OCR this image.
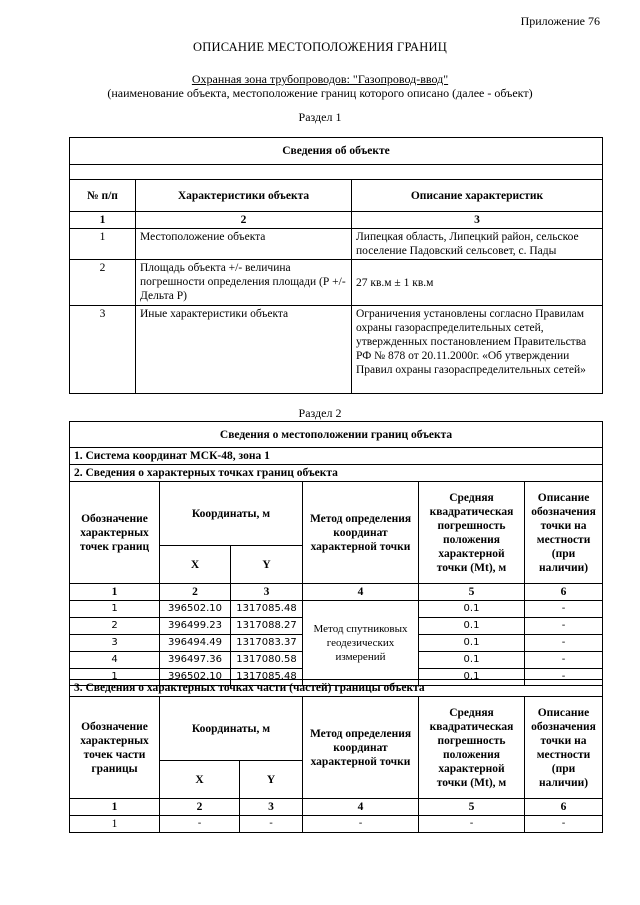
Приложение 76
ОПИСАНИЕ МЕСТОПОЛОЖЕНИЯ ГРАНИЦ
Охранная зона трубопроводов: "Газопровод-ввод"
(наименование объекта, местоположение границ которого описано (далее - объект)
Раздел 1
Сведения об объекте		

№ п/п	Характеристики объекта	Описание характеристик
1	2	3
1	Местоположение объекта	Липецкая область, Липецкий район, сельское поселение Падовский сельсовет, с. Пады
2	Площадь объекта +/- величина погрешности определения площади (Р +/- Дельта Р)	27 кв.м ± 1 кв.м
3	Иные характеристики объекта	Ограничения установлены согласно Правилам охраны газораспределительных сетей, утвержденных постановлением Правительства РФ № 878 от 20.11.2000г. «Об утверждении Правил охраны газораспределительных сетей»
Раздел 2
Сведения о местоположении границ объекта					
1. Система координат МСК-48, зона 1					
2. Сведения о характерных точках границ объекта					
Обозначение характерных точек границ	Координаты, м		Метод определения координат характерной точки	Средняя квадратическая погрешность положения характерной точки (Mt), м	Описание обозначения точки на местности (при наличии)
	X	Y			
1	2	3	4	5	6
1	396502.10	1317085.48	Метод спутниковых геодезических измерений	0.1	-
2	396499.23	1317088.27		0.1	-
3	396494.49	1317083.37		0.1	-
4	396497.36	1317080.58		0.1	-
1	396502.10	1317085.48		0.1	-
3. Сведения о характерных точках части (частей) границы объекта					
Обозначение характерных точек части границы	Координаты, м		Метод определения координат характерной точки	Средняя квадратическая погрешность положения характерной точки (Mt), м	Описание обозначения точки на местности (при наличии)
	X	Y			
1	2	3	4	5	6
1	-	-	-	-	-
